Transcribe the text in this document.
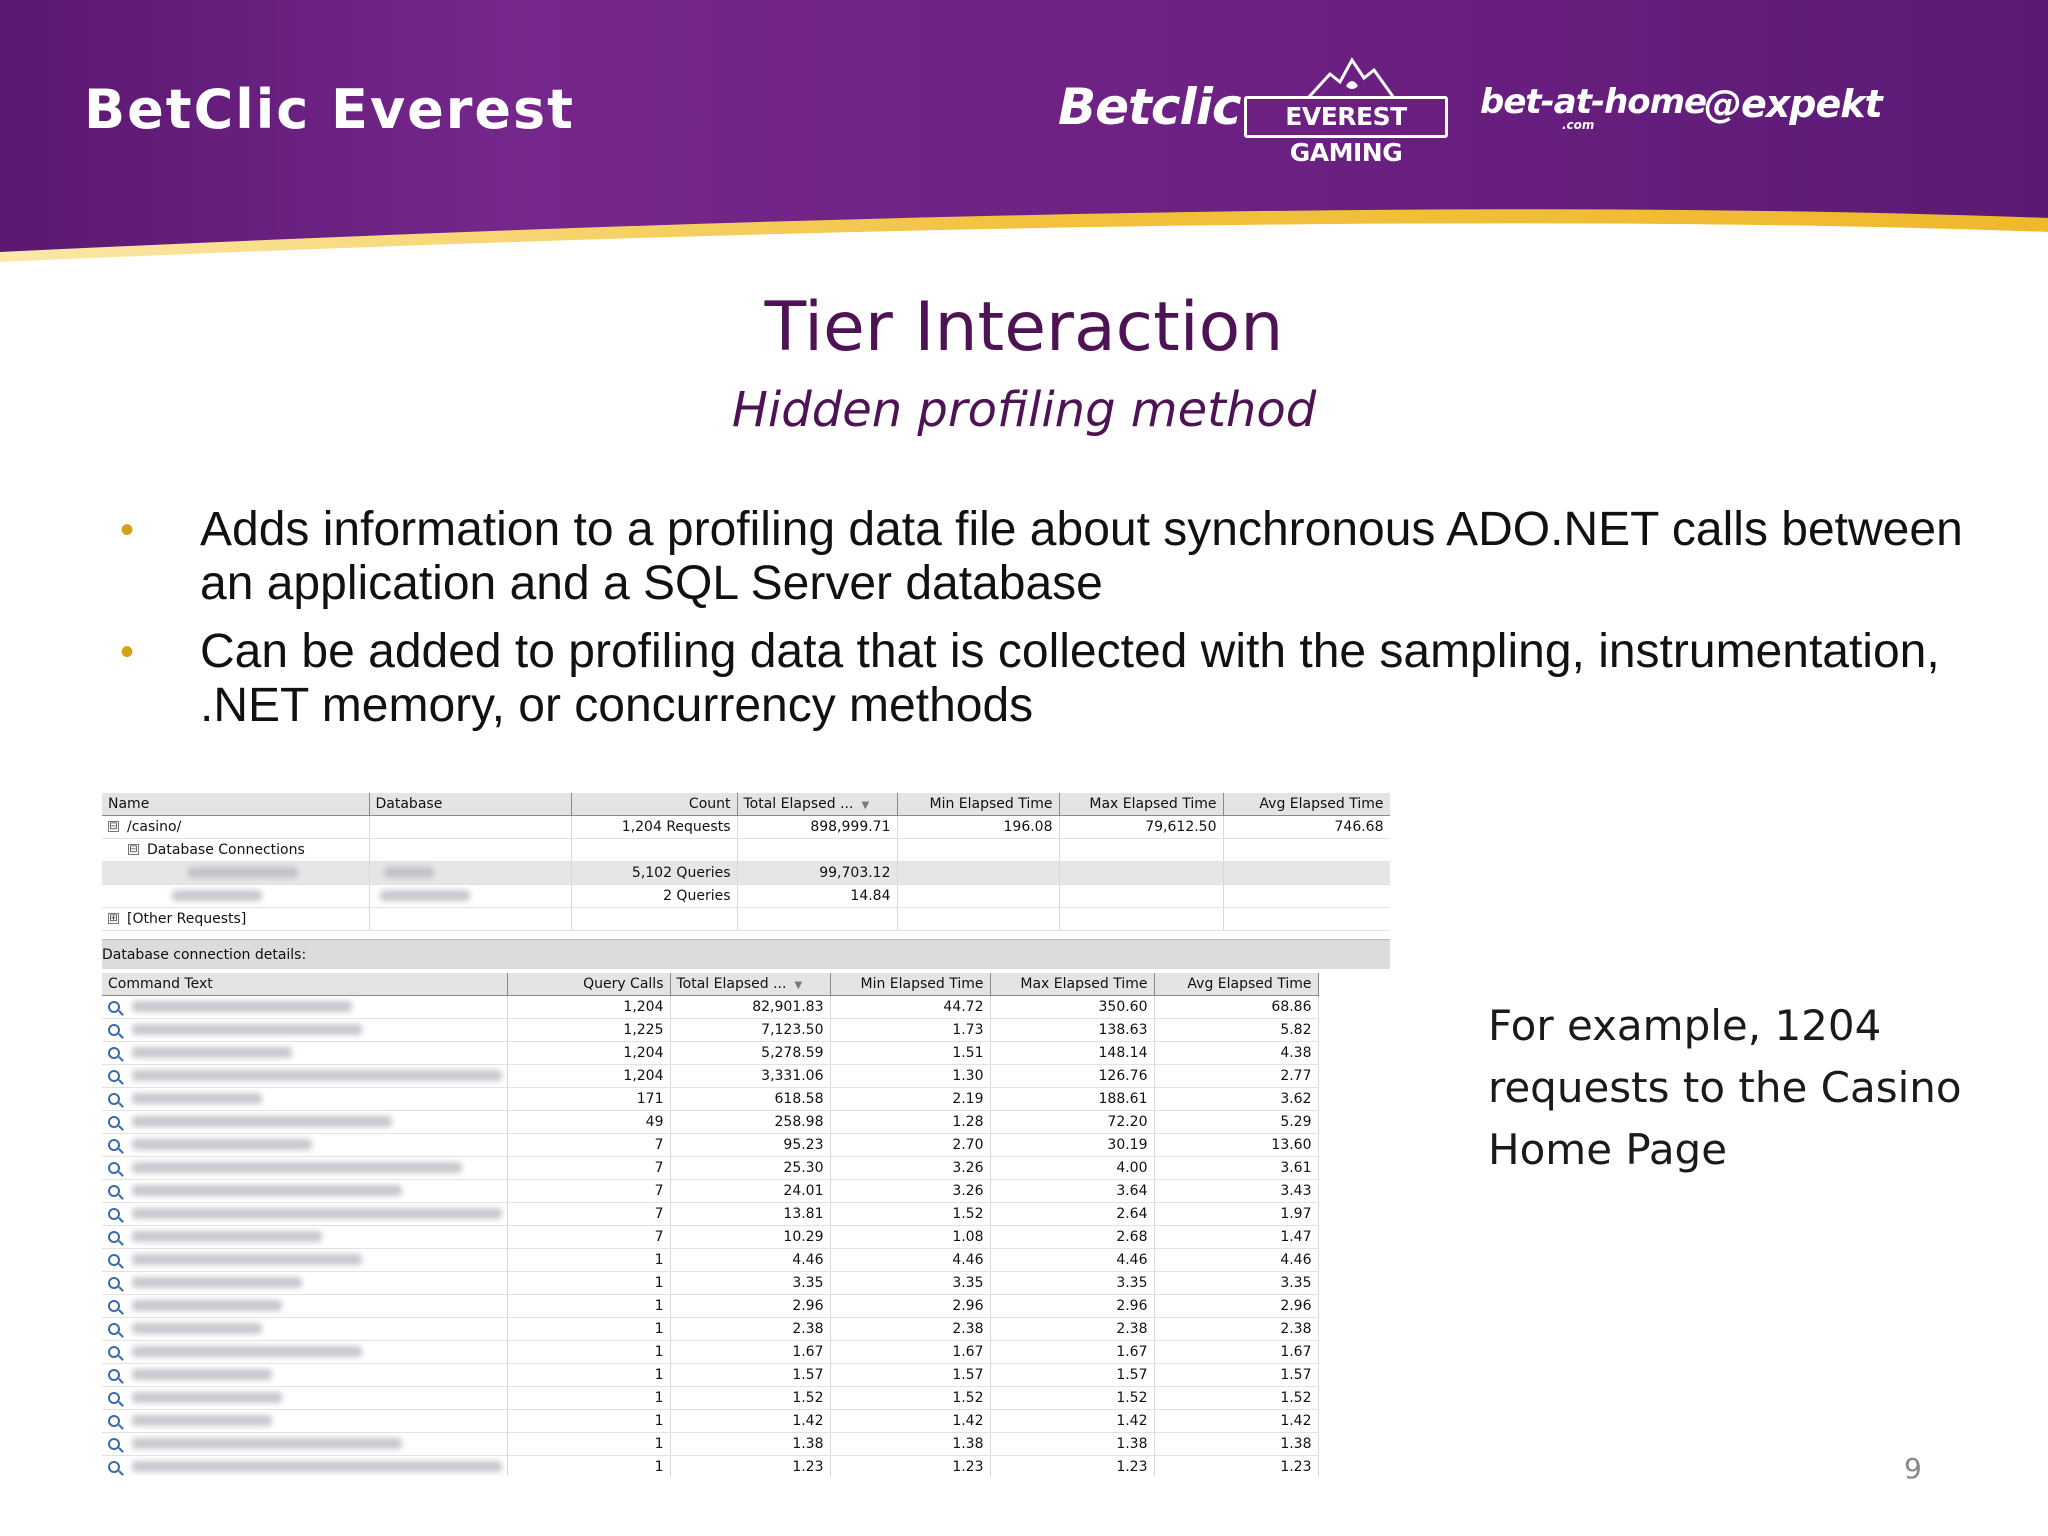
BetClic Everest	Betclic	EVEREST GAMING
bet-at-home
.com	@expekt
Tier Interaction
Hidden profiling method
• Adds information to a profiling data file about synchronous ADO.NET calls between an application and a SQL Server database
• Can be added to profiling data that is collected with the sampling, instrumentation, .NET memory, or concurrency methods
Name	Database	Count	Total Elapsed ... ▼	Min Elapsed Time	Max Elapsed Time	Avg Elapsed Time
⊟ /casino/		1,204 Requests	898,999.71	196.08	79,612.50	746.68
⊟ Database Connections						
		5,102 Queries	99,703.12			
		2 Queries	14.84			
⊞ [Other Requests]						
Database connection details:
Command Text	Query Calls	Total Elapsed ... ▼	Min Elapsed Time	Max Elapsed Time	Avg Elapsed Time	
	1,204	82,901.83	44.72	350.60	68.86	
	1,225	7,123.50	1.73	138.63	5.82	
	1,204	5,278.59	1.51	148.14	4.38	
	1,204	3,331.06	1.30	126.76	2.77	
	171	618.58	2.19	188.61	3.62	
	49	258.98	1.28	72.20	5.29	
	7	95.23	2.70	30.19	13.60	
	7	25.30	3.26	4.00	3.61	
	7	24.01	3.26	3.64	3.43	
	7	13.81	1.52	2.64	1.97	
	7	10.29	1.08	2.68	1.47	
	1	4.46	4.46	4.46	4.46	
	1	3.35	3.35	3.35	3.35	
	1	2.96	2.96	2.96	2.96	
	1	2.38	2.38	2.38	2.38	
	1	1.67	1.67	1.67	1.67	
	1	1.57	1.57	1.57	1.57	
	1	1.52	1.52	1.52	1.52	
	1	1.42	1.42	1.42	1.42	
	1	1.38	1.38	1.38	1.38	
	1	1.23	1.23	1.23	1.23	
For example, 1204 requests to the Casino Home Page
9
